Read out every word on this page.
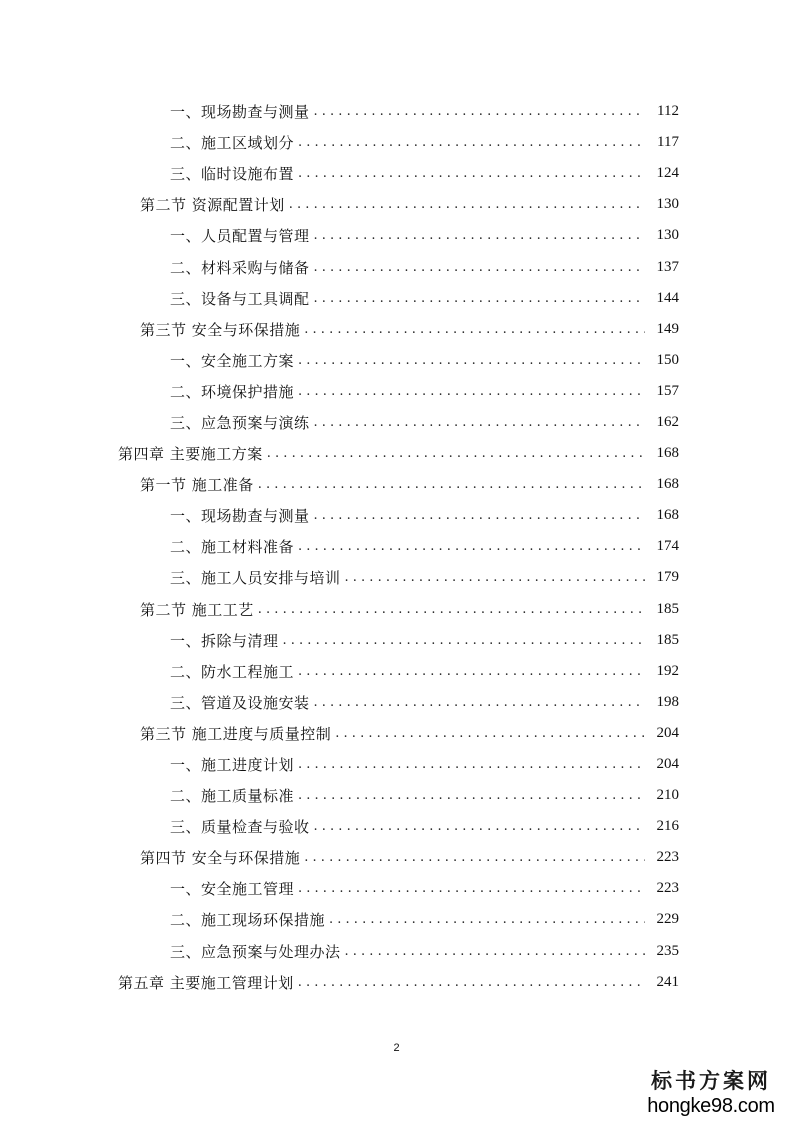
一、现场勘查与测量 . . .	112
二、施工区域划分 . . .	117
三、临时设施布置 . . .	124
第二节 资源配置计划 . . .	130
一、人员配置与管理 . . .	130
二、材料采购与储备 . . .	137
三、设备与工具调配 . . .	144
第三节 安全与环保措施 . . .	149
一、安全施工方案 . . .	150
二、环境保护措施 . . .	157
三、应急预案与演练 . . .	162
第四章 主要施工方案 . . .	168
第一节 施工准备 . . .	168
一、现场勘查与测量 . . .	168
二、施工材料准备 . . .	174
三、施工人员安排与培训 . . .	179
第二节 施工工艺 . . .	185
一、拆除与清理 . . .	185
二、防水工程施工 . . .	192
三、管道及设施安装 . . .	198
第三节 施工进度与质量控制 . . .	204
一、施工进度计划 . . .	204
二、施工质量标准 . . .	210
三、质量检查与验收 . . .	216
第四节 安全与环保措施 . . .	223
一、安全施工管理 . . .	223
二、施工现场环保措施 . . .	229
三、应急预案与处理办法 . . .	235
第五章 主要施工管理计划 . . .	241
2
标书方案网
hongke98.com
